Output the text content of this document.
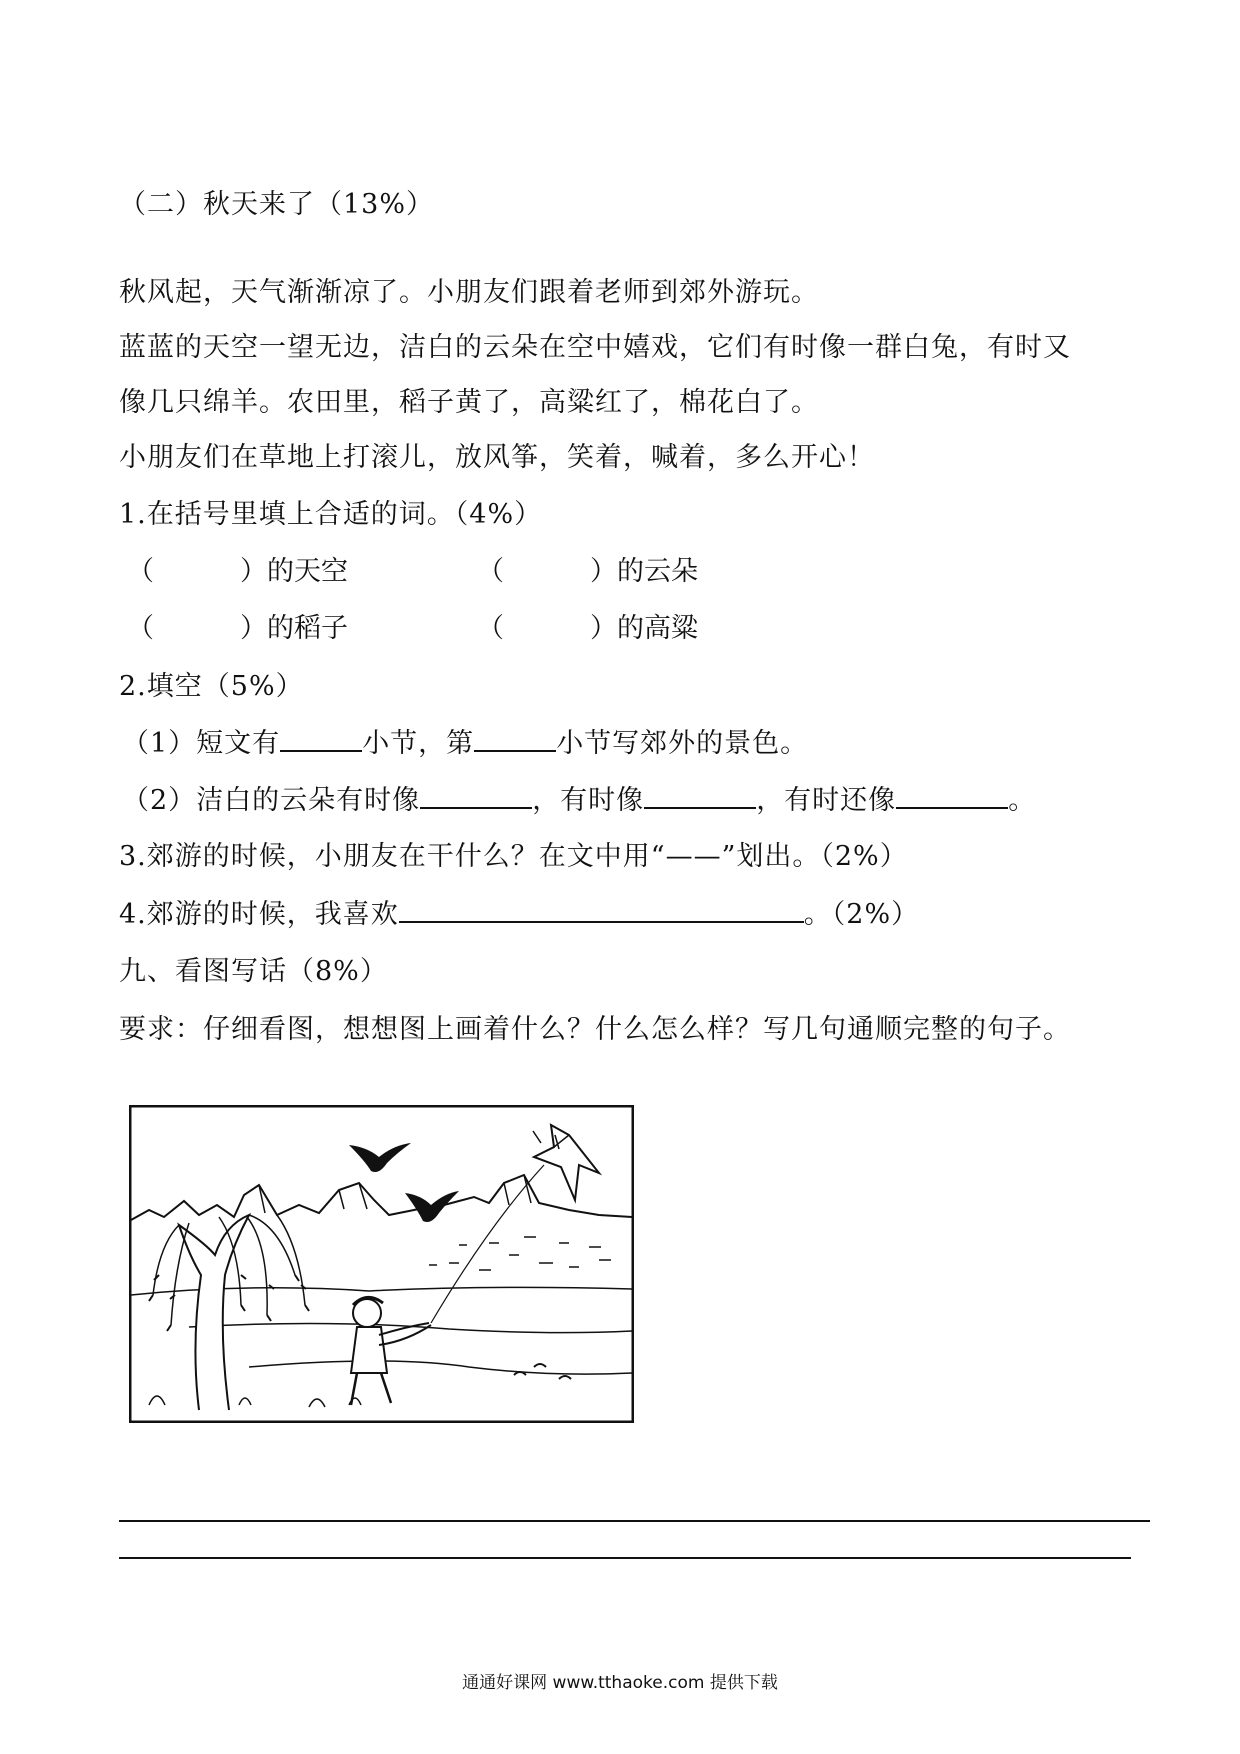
（二）秋天来了（13%）

秋风起，天气渐渐凉了。小朋友们跟着老师到郊外游玩。

蓝蓝的天空一望无边，洁白的云朵在空中嬉戏，它们有时像一群白兔，有时又

像几只绵羊。农田里，稻子黄了，高粱红了，棉花白了。

小朋友们在草地上打滚儿，放风筝，笑着，喊着，多么开心！

1.在括号里填上合适的词。（4%）

（	）的天空	（	）的云朵
（	）的稻子	（	）的高粱

2.填空（5%）

（1）短文有	小节，第	小节写郊外的景色。

（2）洁白的云朵有时像	，有时像	，有时还像	。

3.郊游的时候，小朋友在干什么？在文中用“——”划出。（2%）

4.郊游的时候，我喜欢	。（2%）

九、看图写话（8%）

要求：仔细看图，想想图上画着什么？什么怎么样？写几句通顺完整的句子。

通通好课网 www.tthaoke.com 提供下载
